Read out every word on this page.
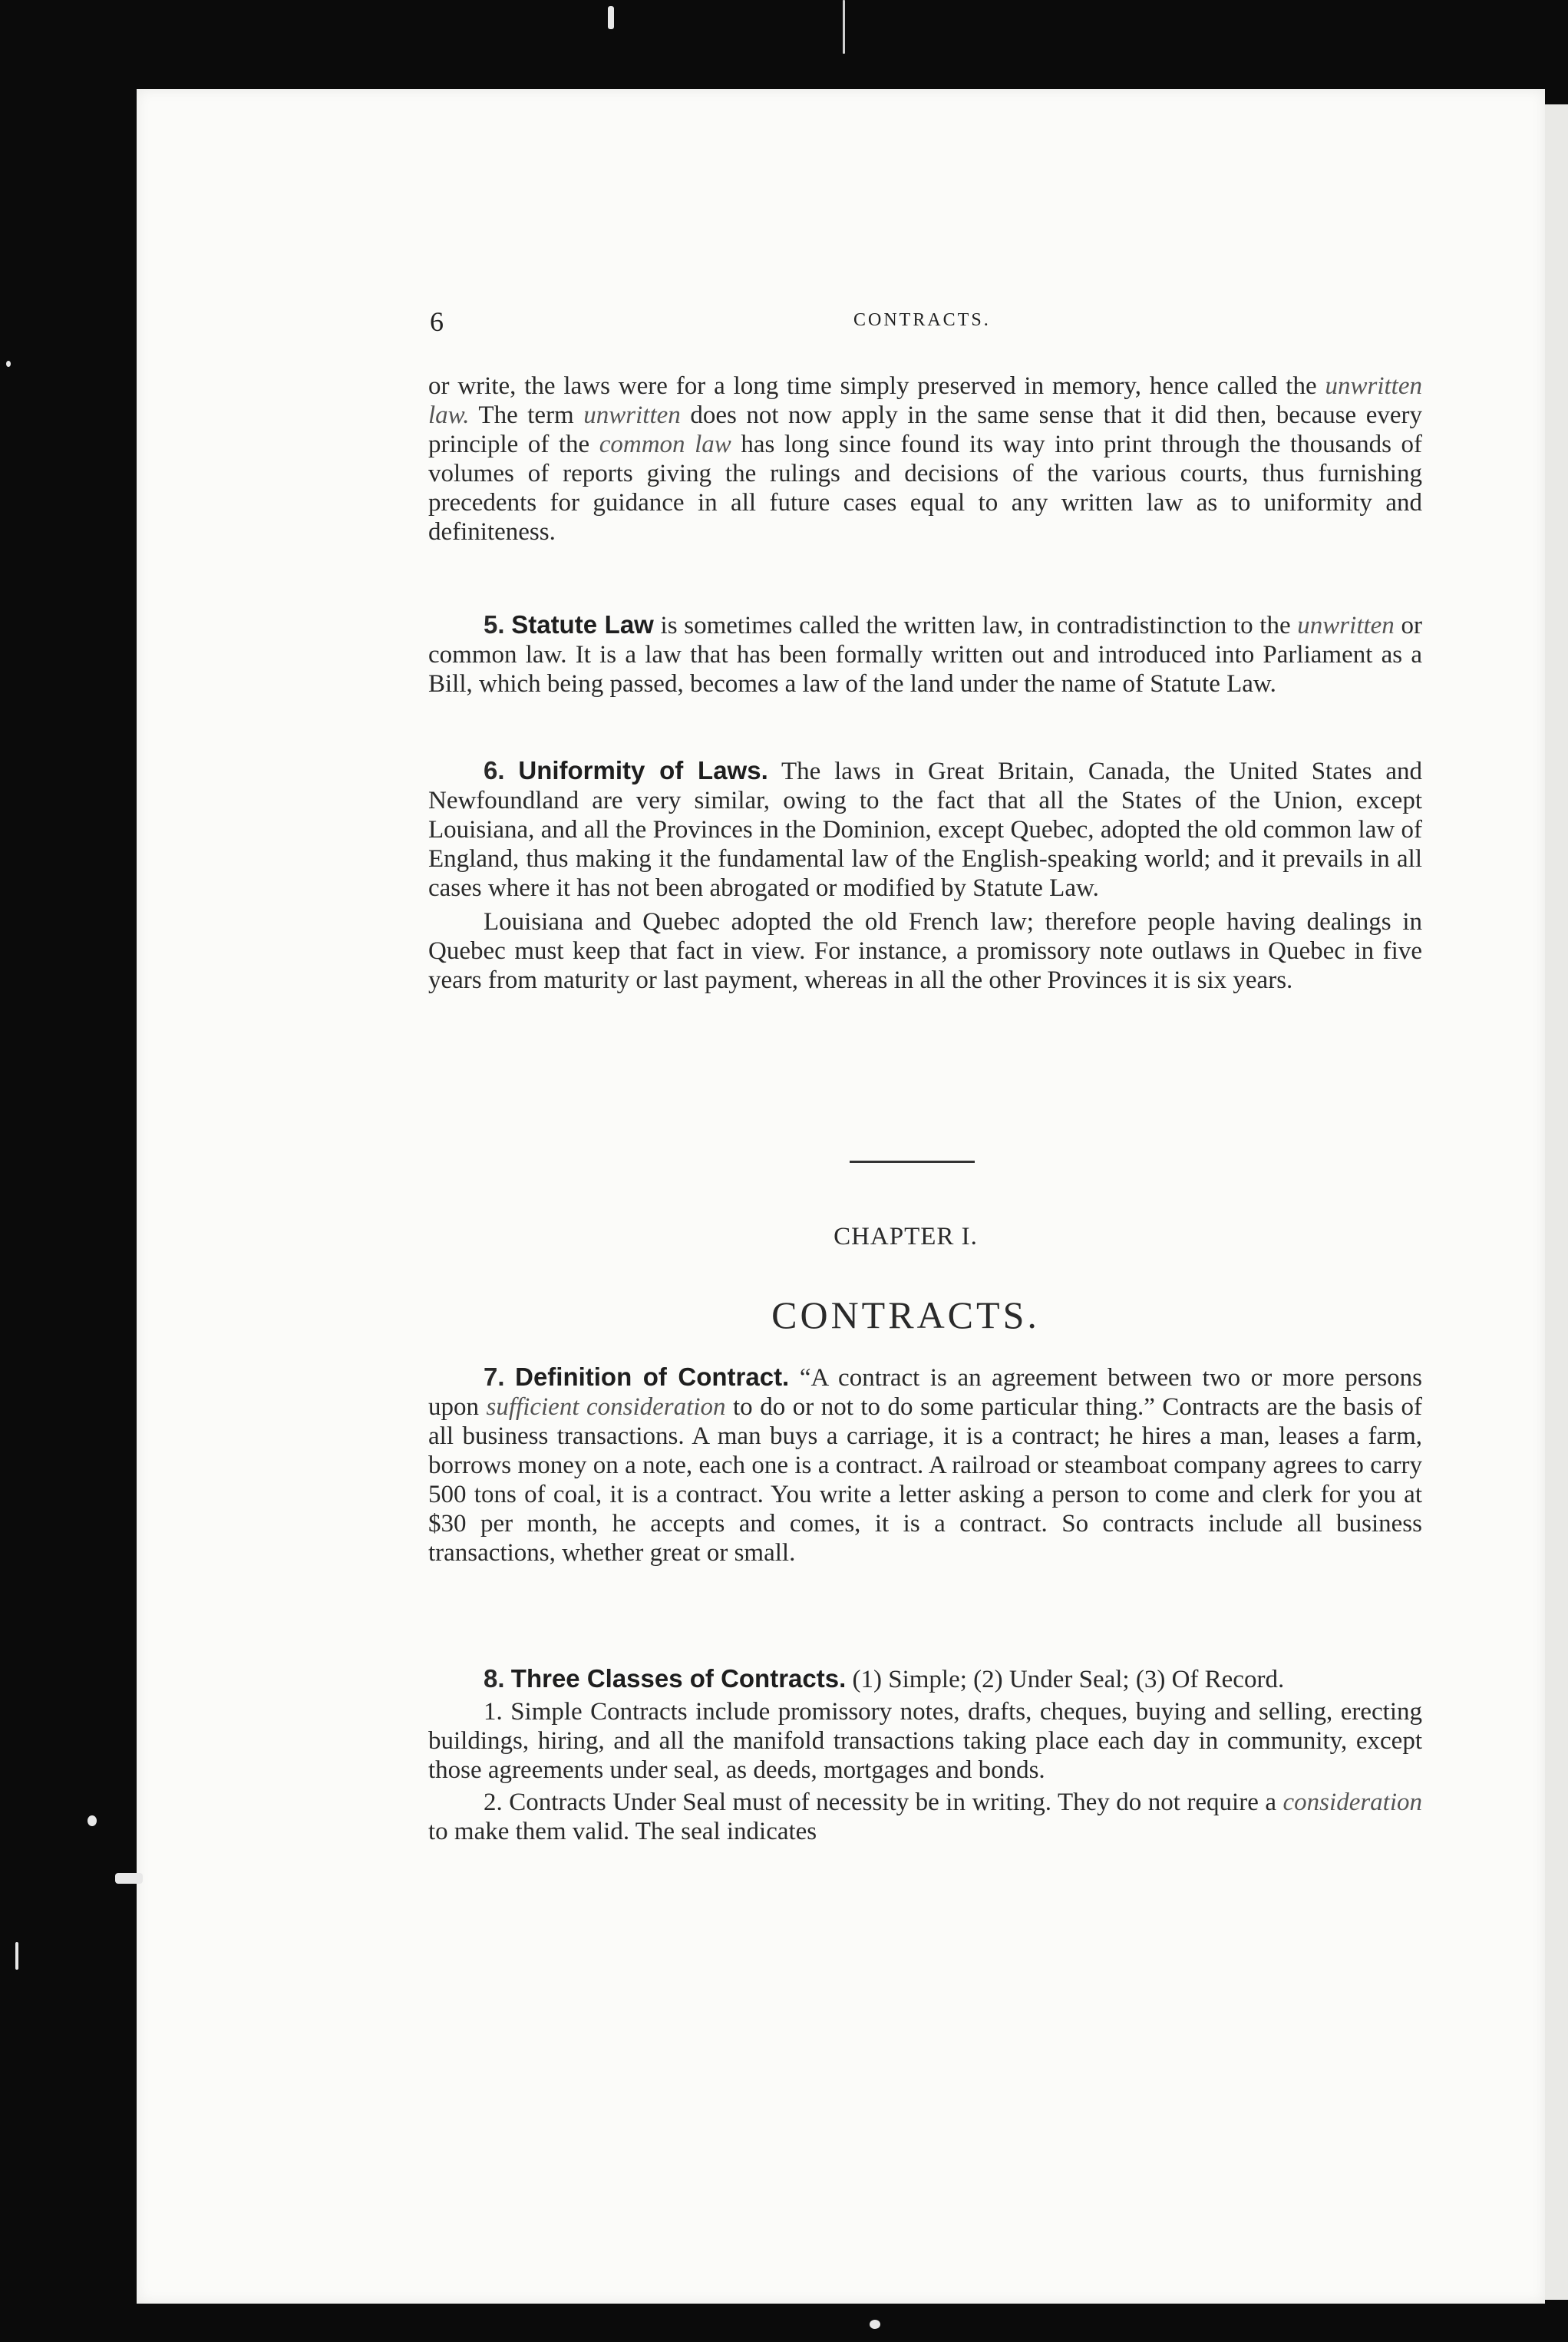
6	CONTRACTS.

or write, the laws were for a long time simply preserved in memory, hence called the unwritten law. The term unwritten does not now apply in the same sense that it did then, because every principle of the common law has long since found its way into print through the thousands of volumes of reports giving the rulings and decisions of the various courts, thus furnishing precedents for guidance in all future cases equal to any written law as to uniformity and definiteness.

5. Statute Law is sometimes called the written law, in contradistinction to the unwritten or common law. It is a law that has been formally written out and introduced into Parliament as a Bill, which being passed, becomes a law of the land under the name of Statute Law.

6. Uniformity of Laws. The laws in Great Britain, Canada, the United States and Newfoundland are very similar, owing to the fact that all the States of the Union, except Louisiana, and all the Provinces in the Dominion, except Quebec, adopted the old common law of England, thus making it the fundamental law of the English-speaking world; and it prevails in all cases where it has not been abrogated or modified by Statute Law.

Louisiana and Quebec adopted the old French law; therefore people having dealings in Quebec must keep that fact in view. For instance, a promissory note outlaws in Quebec in five years from maturity or last payment, whereas in all the other Provinces it is six years.

CHAPTER I.
CONTRACTS.

7. Definition of Contract. “A contract is an agreement between two or more persons upon sufficient consideration to do or not to do some particular thing.” Contracts are the basis of all business transactions. A man buys a carriage, it is a contract; he hires a man, leases a farm, borrows money on a note, each one is a contract. A railroad or steamboat company agrees to carry 500 tons of coal, it is a contract. You write a letter asking a person to come and clerk for you at $30 per month, he accepts and comes, it is a contract. So contracts include all business transactions, whether great or small.

8. Three Classes of Contracts. (1) Simple; (2) Under Seal; (3) Of Record.

1. Simple Contracts include promissory notes, drafts, cheques, buying and selling, erecting buildings, hiring, and all the manifold transactions taking place each day in community, except those agreements under seal, as deeds, mortgages and bonds.

2. Contracts Under Seal must of necessity be in writing. They do not require a consideration to make them valid. The seal indicates
